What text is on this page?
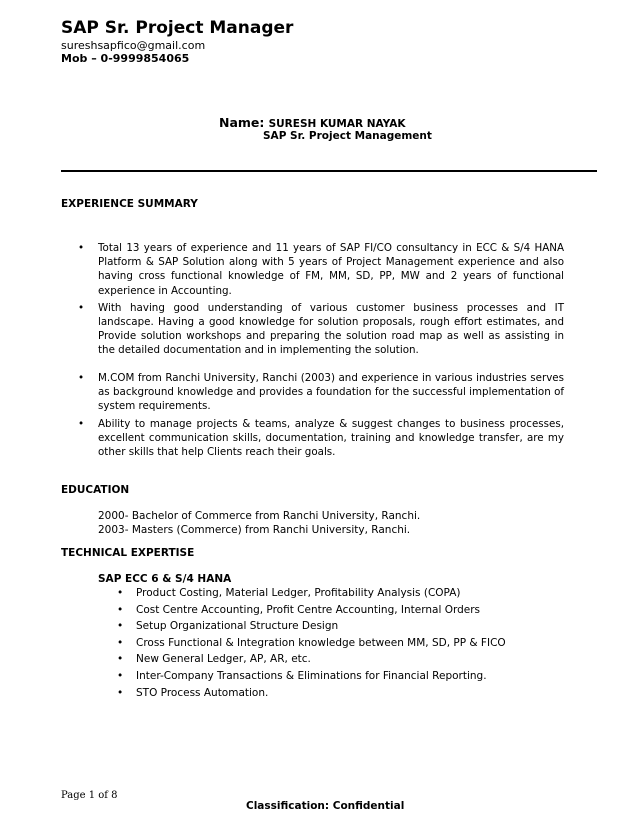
SAP Sr. Project Manager
sureshsapfico@gmail.com
Mob – 0-9999854065
Name: SURESH KUMAR NAYAK
SAP Sr. Project Management
EXPERIENCE SUMMARY
• Total 13 years of experience and 11 years of SAP FI/CO consultancy in ECC & S/4 HANA Platform & SAP Solution along with 5 years of Project Management experience and also having cross functional knowledge of FM, MM, SD, PP, MW and 2 years of functional experience in Accounting.
• With having good understanding of various customer business processes and IT landscape. Having a good knowledge for solution proposals, rough effort estimates, and Provide solution workshops and preparing the solution road map as well as assisting in the detailed documentation and in implementing the solution.
• M.COM from Ranchi University, Ranchi (2003) and experience in various industries serves as background knowledge and provides a foundation for the successful implementation of system requirements.
• Ability to manage projects & teams, analyze & suggest changes to business processes, excellent communication skills, documentation, training and knowledge transfer, are my other skills that help Clients reach their goals.
EDUCATION
2000- Bachelor of Commerce from Ranchi University, Ranchi.
2003- Masters (Commerce) from Ranchi University, Ranchi.
TECHNICAL EXPERTISE
SAP ECC 6 & S/4 HANA
• Product Costing, Material Ledger, Profitability Analysis (COPA)
• Cost Centre Accounting, Profit Centre Accounting, Internal Orders
• Setup Organizational Structure Design
• Cross Functional & Integration knowledge between MM, SD, PP & FICO
• New General Ledger, AP, AR, etc.
• Inter-Company Transactions & Eliminations for Financial Reporting.
• STO Process Automation.
Page 1 of 8
Classification: Confidential
